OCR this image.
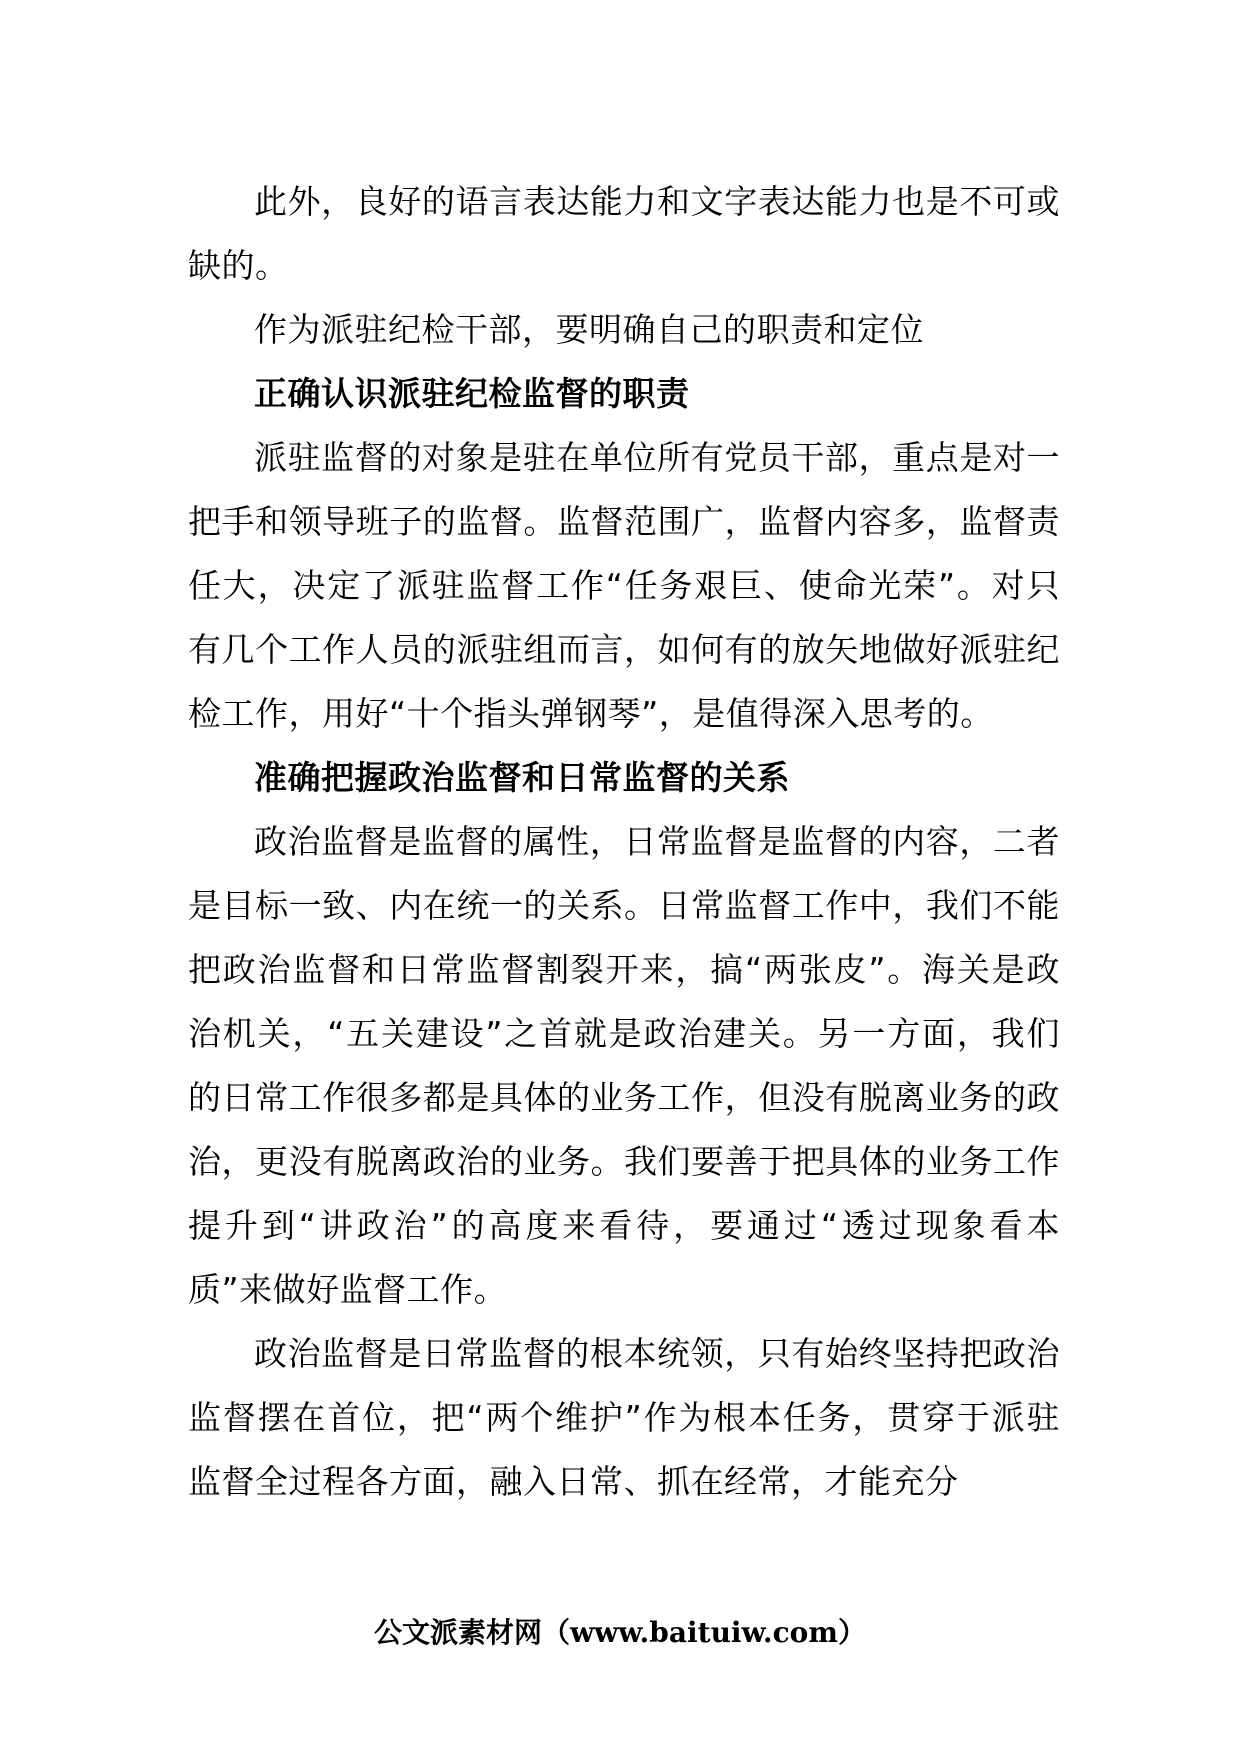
此外，良好的语言表达能力和文字表达能力也是不可或缺的。

作为派驻纪检干部，要明确自己的职责和定位

正确认识派驻纪检监督的职责

派驻监督的对象是驻在单位所有党员干部，重点是对一把手和领导班子的监督。监督范围广，监督内容多，监督责任大，决定了派驻监督工作“任务艰巨、使命光荣”。对只有几个工作人员的派驻组而言，如何有的放矢地做好派驻纪检工作，用好“十个指头弹钢琴”，是值得深入思考的。

准确把握政治监督和日常监督的关系

政治监督是监督的属性，日常监督是监督的内容，二者是目标一致、内在统一的关系。日常监督工作中，我们不能把政治监督和日常监督割裂开来，搞“两张皮”。海关是政治机关，“五关建设”之首就是政治建关。另一方面，我们的日常工作很多都是具体的业务工作，但没有脱离业务的政治，更没有脱离政治的业务。我们要善于把具体的业务工作提升到“讲政治”的高度来看待，要通过“透过现象看本质”来做好监督工作。

政治监督是日常监督的根本统领，只有始终坚持把政治监督摆在首位，把“两个维护”作为根本任务，贯穿于派驻监督全过程各方面，融入日常、抓在经常，才能充分

公文派素材网（www.baituiw.com）
